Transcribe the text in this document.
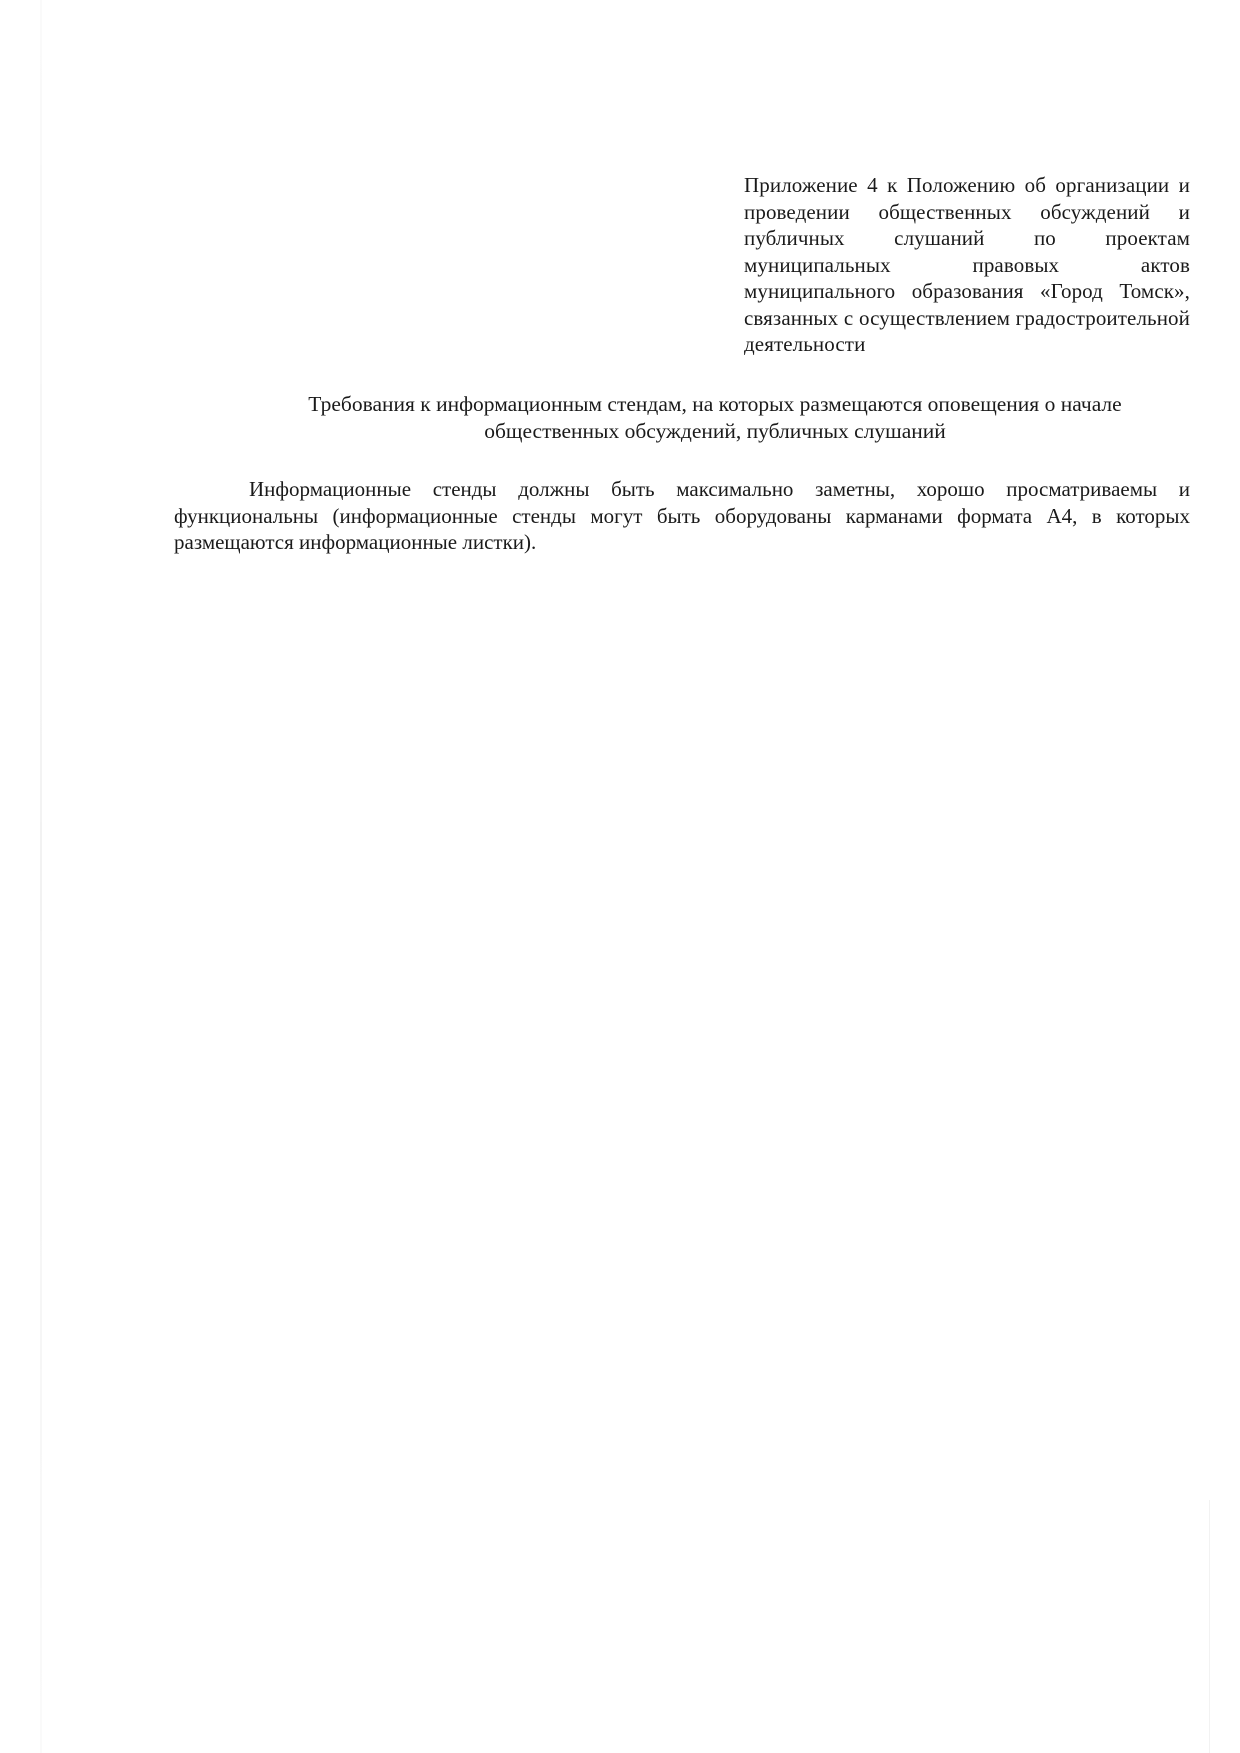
Приложение 4 к Положению об организации и проведении общественных обсуждений и публичных слушаний по проектам муниципальных правовых актов муниципального образования «Город Томск», связанных с осуществлением градостроительной деятельности
Требования к информационным стендам, на которых размещаются оповещения о начале общественных обсуждений, публичных слушаний

Информационные стенды должны быть максимально заметны, хорошо просматриваемы и функциональны (информационные стенды могут быть оборудованы карманами формата А4, в которых размещаются информационные листки).
